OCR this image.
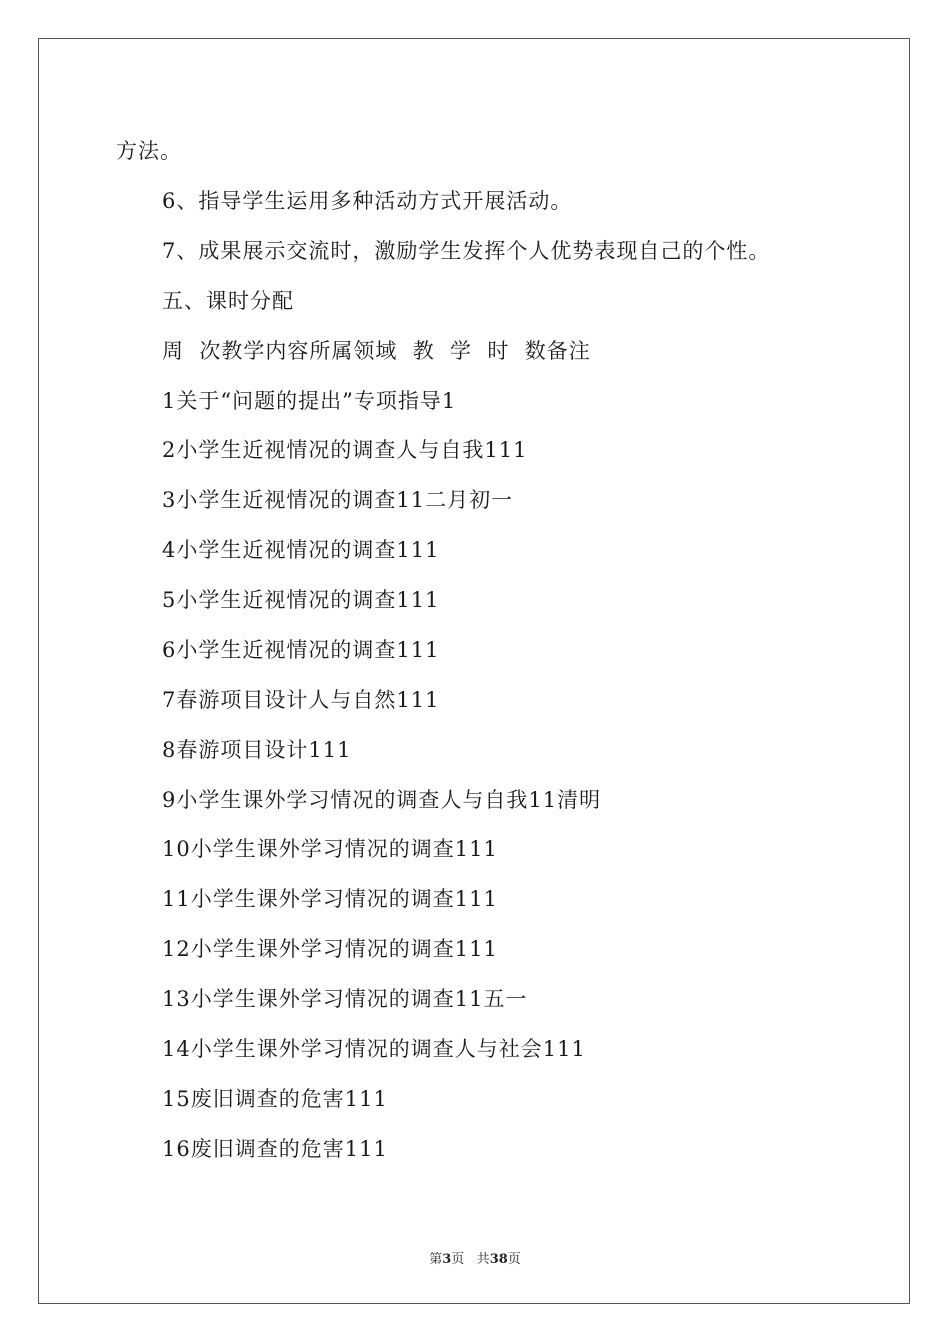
方法。
6、指导学生运用多种活动方式开展活动。
7、成果展示交流时，激励学生发挥个人优势表现自己的个性。
五、课时分配
周  次教学内容所属领域  教  学  时  数备注
1关于“问题的提出”专项指导1
2小学生近视情况的调查人与自我111
3小学生近视情况的调查11二月初一
4小学生近视情况的调查111
5小学生近视情况的调查111
6小学生近视情况的调查111
7春游项目设计人与自然111
8春游项目设计111
9小学生课外学习情况的调查人与自我11清明
10小学生课外学习情况的调查111
11小学生课外学习情况的调查111
12小学生课外学习情况的调查111
13小学生课外学习情况的调查11五一
14小学生课外学习情况的调查人与社会111
15废旧调查的危害111
16废旧调查的危害111
第3页 共38页
